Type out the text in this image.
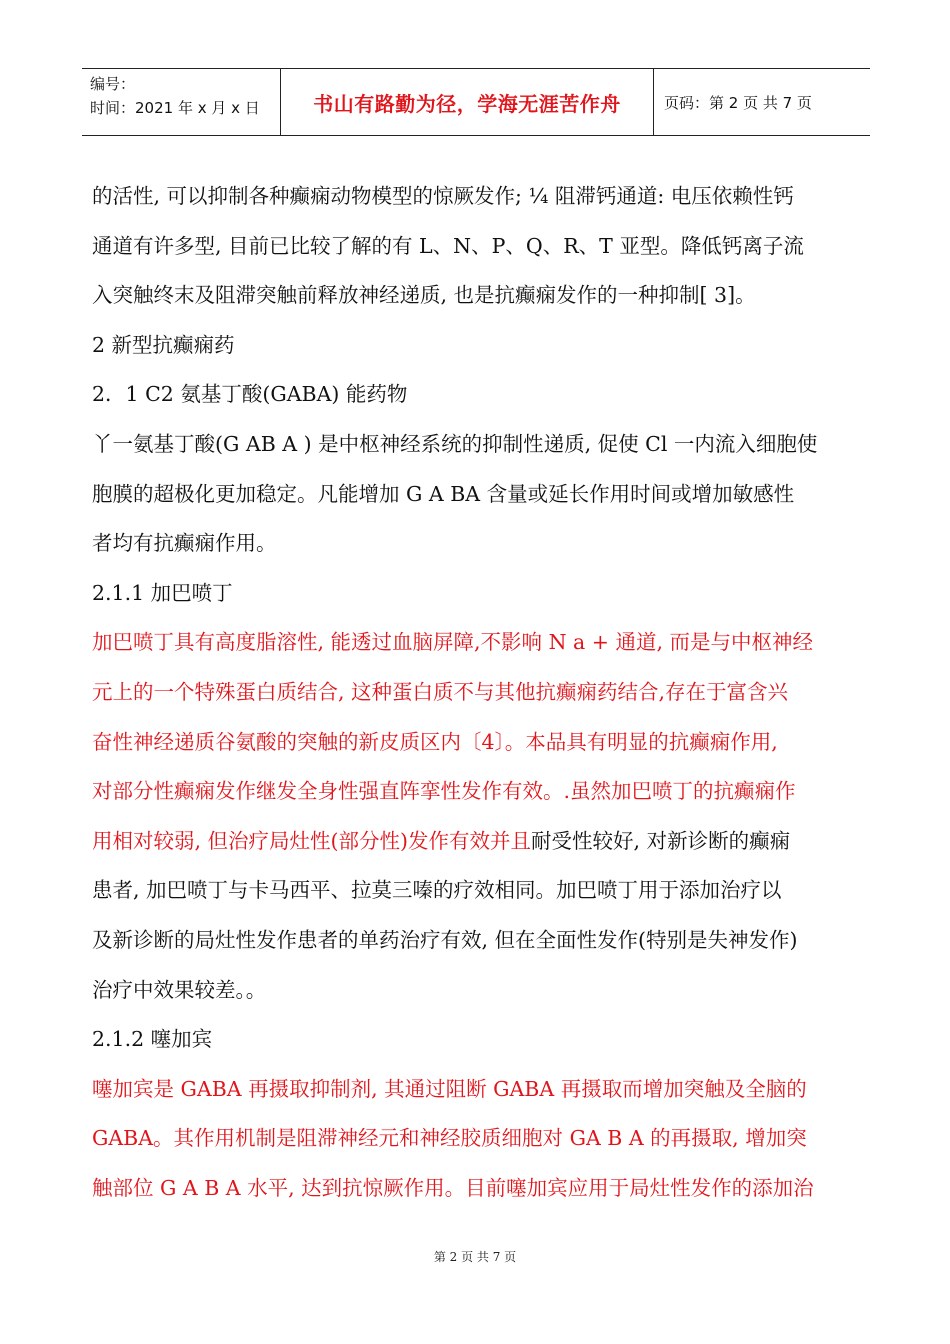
编号：
时间：2021 年 x 月 x 日	书山有路勤为径，学海无涯苦作舟	页码：第 2 页 共 7 页
的活性, 可以抑制各种癫痫动物模型的惊厥发作; ¼ 阻滞钙通道: 电压依赖性钙
通道有许多型, 目前已比较了解的有 L、N、P、Q、R、T 亚型。降低钙离子流
入突触终末及阻滞突触前释放神经递质, 也是抗癫痫发作的一种抑制[ 3]。
2 新型抗癫痫药
2．1 C2 氨基丁酸(GABA) 能药物
丫一氨基丁酸(G AB A ) 是中枢神经系统的抑制性递质, 促使 Cl 一内流入细胞使
胞膜的超极化更加稳定。凡能增加 G A BA 含量或延长作用时间或增加敏感性
者均有抗癫痫作用。
2.1.1 加巴喷丁
加巴喷丁具有高度脂溶性, 能透过血脑屏障,不影响 N a + 通道, 而是与中枢神经
元上的一个特殊蛋白质结合, 这种蛋白质不与其他抗癫痫药结合,存在于富含兴
奋性神经递质谷氨酸的突触的新皮质区内〔4〕。本品具有明显的抗癫痫作用,
对部分性癫痫发作继发全身性强直阵挛性发作有效。.虽然加巴喷丁的抗癫痫作
用相对较弱, 但治疗局灶性(部分性)发作有效并且耐受性较好, 对新诊断的癫痫
患者, 加巴喷丁与卡马西平、拉莫三嗪的疗效相同。加巴喷丁用于添加治疗以
及新诊断的局灶性发作患者的单药治疗有效, 但在全面性发作(特别是失神发作)
治疗中效果较差。。
2.1.2 噻加宾
噻加宾是 GABA 再摄取抑制剂, 其通过阻断 GABA 再摄取而增加突触及全脑的
GABA。其作用机制是阻滞神经元和神经胶质细胞对 GA B A 的再摄取, 增加突
触部位 G A B A 水平, 达到抗惊厥作用。目前噻加宾应用于局灶性发作的添加治
第 2 页 共 7 页
